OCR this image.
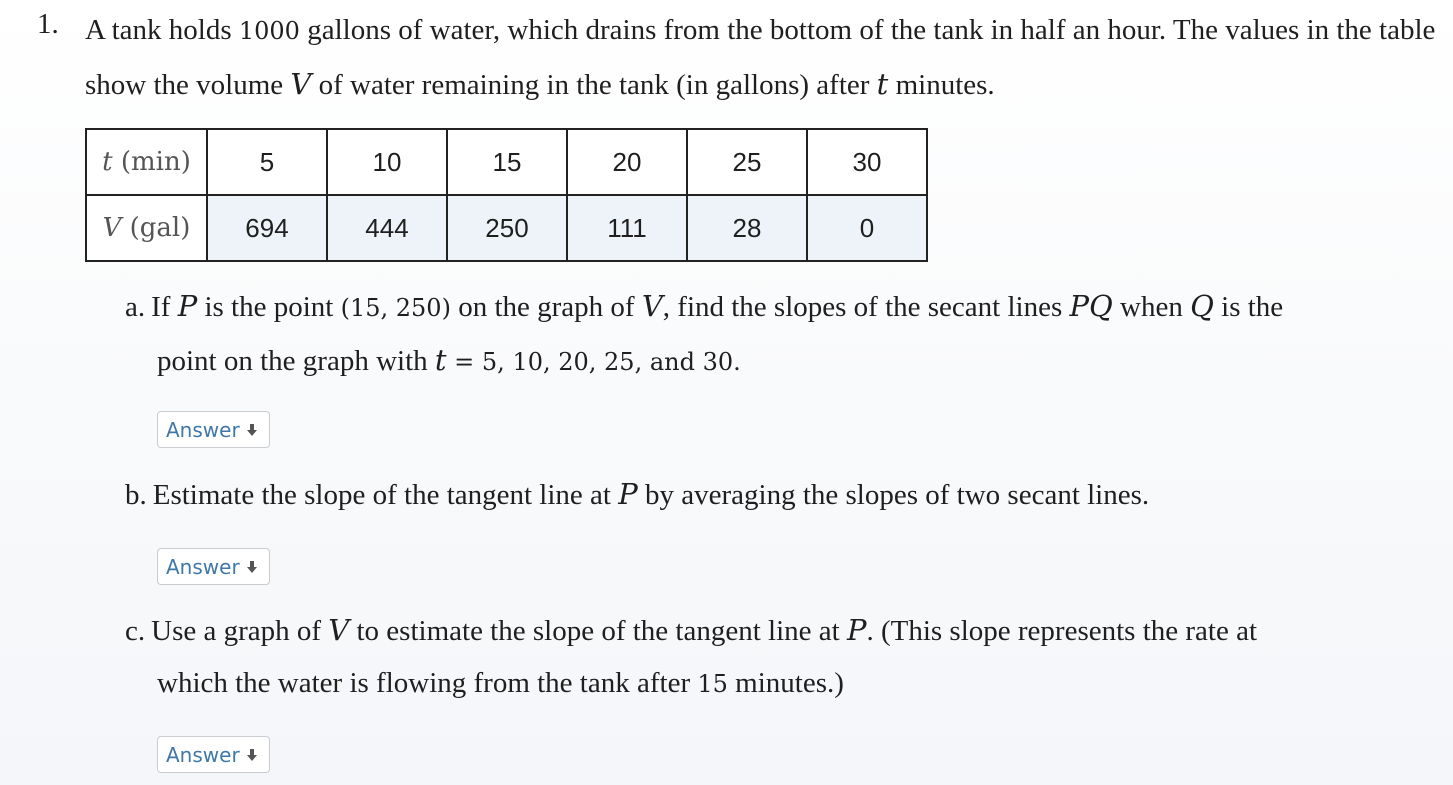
1. A tank holds 1000 gallons of water, which drains from the bottom of the tank in half an hour. The values in the table show the volume V of water remaining in the tank (in gallons) after t minutes.
t (min)	5	10	15	20	25	30
V (gal)	694	444	250	111	28	0
a. If P is the point (15, 250) on the graph of V, find the slopes of the secant lines PQ when Q is the
point on the graph with t = 5, 10, 20, 25, and 30.
Answer
b. Estimate the slope of the tangent line at P by averaging the slopes of two secant lines.
Answer
c. Use a graph of V to estimate the slope of the tangent line at P. (This slope represents the rate at
which the water is flowing from the tank after 15 minutes.)
Answer
